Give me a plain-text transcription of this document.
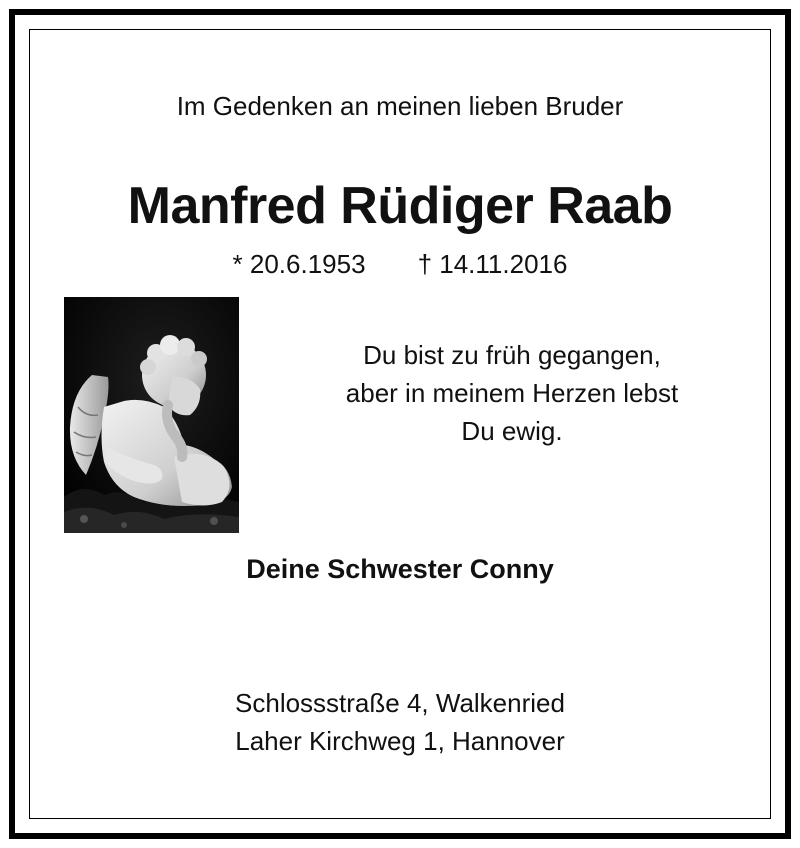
Im Gedenken an meinen lieben Bruder
Manfred Rüdiger Raab
* 20.6.1953 † 14.11.2016
Du bist zu früh gegangen,
aber in meinem Herzen lebst
Du ewig.
Deine Schwester Conny
Schlossstraße 4, Walkenried
Laher Kirchweg 1, Hannover
